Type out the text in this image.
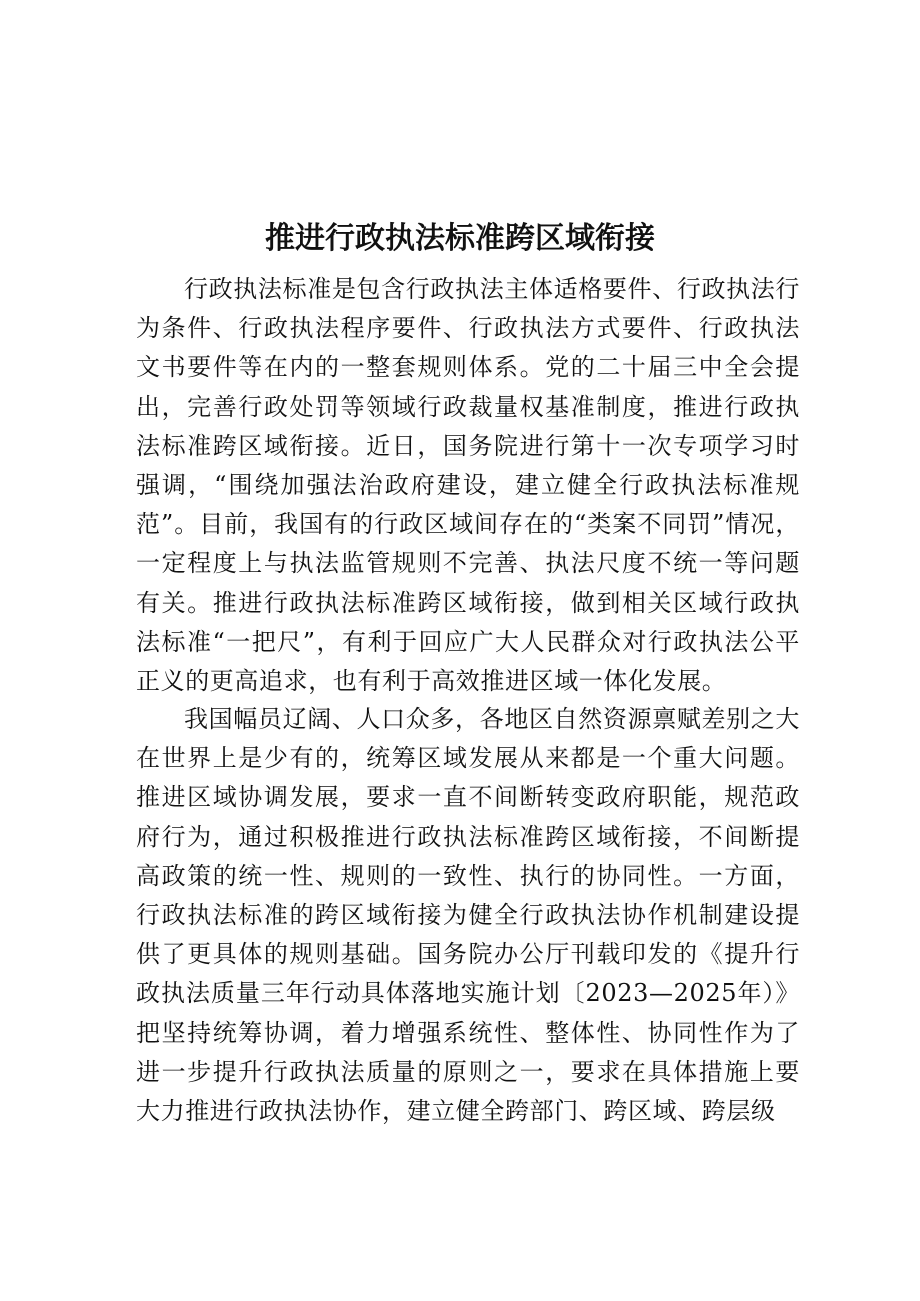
推进行政执法标准跨区域衔接

行政执法标准是包含行政执法主体适格要件、行政执法行为条件、行政执法程序要件、行政执法方式要件、行政执法文书要件等在内的一整套规则体系。党的二十届三中全会提出，完善行政处罚等领域行政裁量权基准制度，推进行政执法标准跨区域衔接。近日，国务院进行第十一次专项学习时强调，“围绕加强法治政府建设，建立健全行政执法标准规范”。目前，我国有的行政区域间存在的“类案不同罚”情况，一定程度上与执法监管规则不完善、执法尺度不统一等问题有关。推进行政执法标准跨区域衔接，做到相关区域行政执法标准“一把尺”，有利于回应广大人民群众对行政执法公平正义的更高追求，也有利于高效推进区域一体化发展。

我国幅员辽阔、人口众多，各地区自然资源禀赋差别之大在世界上是少有的，统筹区域发展从来都是一个重大问题。推进区域协调发展，要求一直不间断转变政府职能，规范政府行为，通过积极推进行政执法标准跨区域衔接，不间断提高政策的统一性、规则的一致性、执行的协同性。一方面，行政执法标准的跨区域衔接为健全行政执法协作机制建设提供了更具体的规则基础。国务院办公厅刊载印发的《提升行政执法质量三年行动具体落地实施计划〔2023—2025年）》把坚持统筹协调，着力增强系统性、整体性、协同性作为了进一步提升行政执法质量的原则之一，要求在具体措施上要大力推进行政执法协作，建立健全跨部门、跨区域、跨层级
